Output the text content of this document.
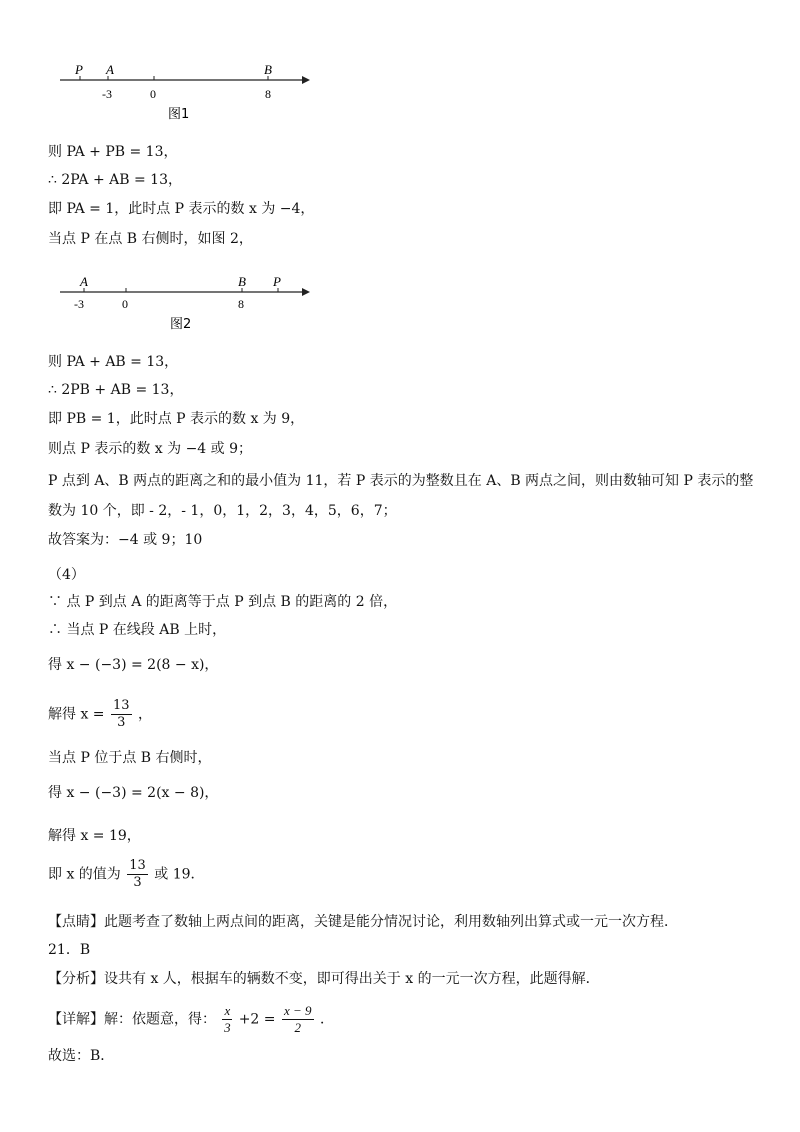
P A	B
-3	0	8
图1
则 PA + PB = 13，
∴ 2PA + AB = 13，
即 PA = 1，此时点 P 表示的数 x 为 −4，
当点 P 在点 B 右侧时，如图 2，
A	B P
-3	0	8
图2
则 PA + AB = 13，
∴ 2PB + AB = 13，
即 PB = 1，此时点 P 表示的数 x 为 9，
则点 P 表示的数 x 为 −4 或 9；
P 点到 A、B 两点的距离之和的最小值为 11，若 P 表示的为整数且在 A、B 两点之间，则由数轴可知 P 表示的整数为 10 个，即 - 2，- 1，0，1，2，3，4，5，6，7；
故答案为：−4 或 9；10
（4）
∵ 点 P 到点 A 的距离等于点 P 到点 B 的距离的 2 倍，
∴ 当点 P 在线段 AB 上时，
得 x − (−3) = 2(8 − x)，
解得 $x = \frac{13}{3}$ ，
当点 P 位于点 B 右侧时，
得 x − (−3) = 2(x − 8)，
解得 x = 19，
即 x 的值为 $\frac{13}{3}$ 或 19．
【点睛】此题考查了数轴上两点间的距离，关键是能分情况讨论，利用数轴列出算式或一元一次方程．
21．B
【分析】设共有 x 人，根据车的辆数不变，即可得出关于 x 的一元一次方程，此题得解．
【详解】解：依题意，得： $\frac{x}{3} +2 = \frac{x - 9}{2}$ ．
故选：B．
